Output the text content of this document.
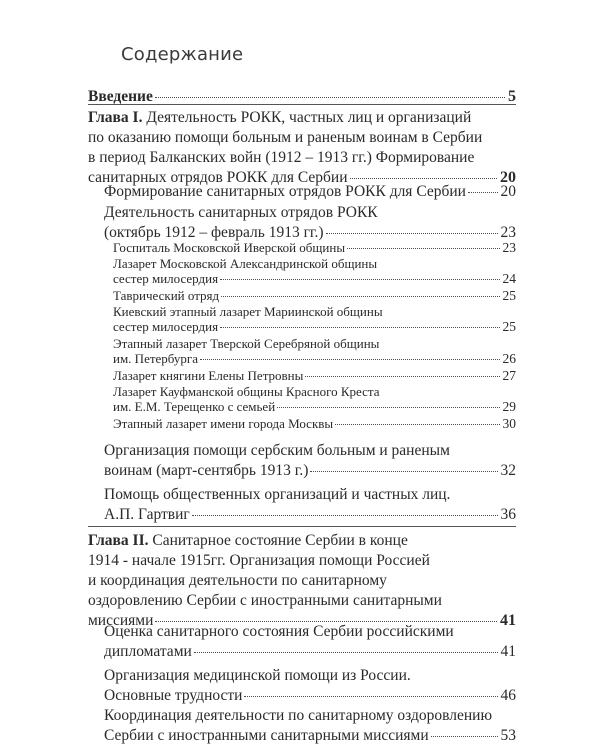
Содержание
Введение	5
Глава I. Деятельность РОКК, частных лиц и организаций
по оказанию помощи больным и раненым воинам в Сербии
в период Балканских войн (1912 – 1913 гг.) Формирование
санитарных отрядов РОКК для Сербии	20
Формирование санитарных отрядов РОКК для Сербии 20
Деятельность санитарных отрядов РОКК
(октябрь 1912 – февраль 1913 гг.)	23
Госпиталь Московской Иверской общины	23
Лазарет Московской Александринской общины
сестер милосердия	24
Таврический отряд	25
Киевский этапный лазарет Мариинской общины
сестер милосердия	25
Этапный лазарет Тверской Серебряной общины
им. Петербурга	26
Лазарет княгини Елены Петровны	27
Лазарет Кауфманской общины Красного Креста
им. Е.М. Терещенко с семьей	29
Этапный лазарет имени города Москвы	30
Организация помощи сербским больным и раненым
воинам (март-сентябрь 1913 г.)	32
Помощь общественных организаций и частных лиц.
А.П. Гартвиг	36
Глава II. Санитарное состояние Сербии в конце
1914 - начале 1915гг. Организация помощи Россией
и координация деятельности по санитарному
оздоровлению Сербии с иностранными санитарными
миссиями	41
Оценка санитарного состояния Сербии российскими
дипломатами	41
Организация медицинской помощи из России.
Основные трудности	46
Координация деятельности по санитарному оздоровлению
Сербии с иностранными санитарными миссиями	53
